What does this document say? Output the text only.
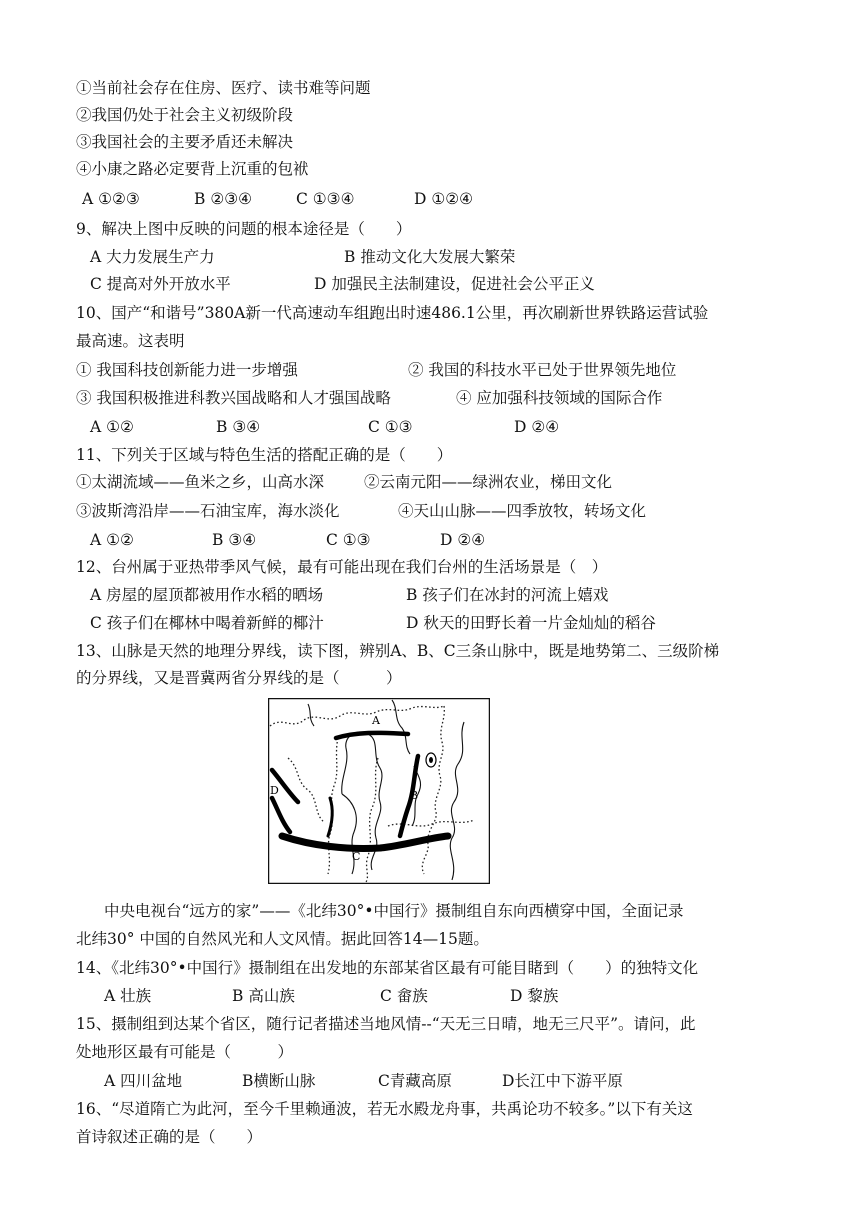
①当前社会存在住房、医疗、读书难等问题
②我国仍处于社会主义初级阶段
③我国社会的主要矛盾还未解决
④小康之路必定要背上沉重的包袱
A ①②③	B ②③④	C ①③④	D ①②④
9、解决上图中反映的问题的根本途径是（　　）
A 大力发展生产力	B 推动文化大发展大繁荣
C 提高对外开放水平	D 加强民主法制建设，促进社会公平正义
10、国产“和谐号”380A新一代高速动车组跑出时速486.1公里，再次刷新世界铁路运营试验
最高速。这表明
① 我国科技创新能力进一步增强	② 我国的科技水平已处于世界领先地位
③ 我国积极推进科教兴国战略和人才强国战略	④ 应加强科技领域的国际合作
A ①②	B ③④	C ①③	D ②④
11、下列关于区域与特色生活的搭配正确的是（　　）
①太湖流域——鱼米之乡，山高水深	②云南元阳——绿洲农业，梯田文化
③波斯湾沿岸——石油宝库，海水淡化	④天山山脉——四季放牧，转场文化
A ①②	B ③④	C ①③	D ②④
12、台州属于亚热带季风气候，最有可能出现在我们台州的生活场景是（　）
A 房屋的屋顶都被用作水稻的晒场	B 孩子们在冰封的河流上嬉戏
C 孩子们在椰林中喝着新鲜的椰汁	D 秋天的田野长着一片金灿灿的稻谷
13、山脉是天然的地理分界线，读下图，辨别A、B、C三条山脉中，既是地势第二、三级阶梯
的分界线，又是晋冀两省分界线的是（　　　）
A
B
C
D
中央电视台“远方的家”——《北纬30°•中国行》摄制组自东向西横穿中国，全面记录
北纬30° 中国的自然风光和人文风情。据此回答14—15题。
14、《北纬30°•中国行》摄制组在出发地的东部某省区最有可能目睹到（　　）的独特文化
A 壮族	B 高山族	C 畲族	D 黎族
15、摄制组到达某个省区，随行记者描述当地风情--“天无三日晴，地无三尺平”。请问，此
处地形区最有可能是（　　　）
A 四川盆地	B横断山脉	C青藏高原	D长江中下游平原
16、“尽道隋亡为此河，至今千里赖通波，若无水殿龙舟事，共禹论功不较多。”以下有关这
首诗叙述正确的是（　　）
